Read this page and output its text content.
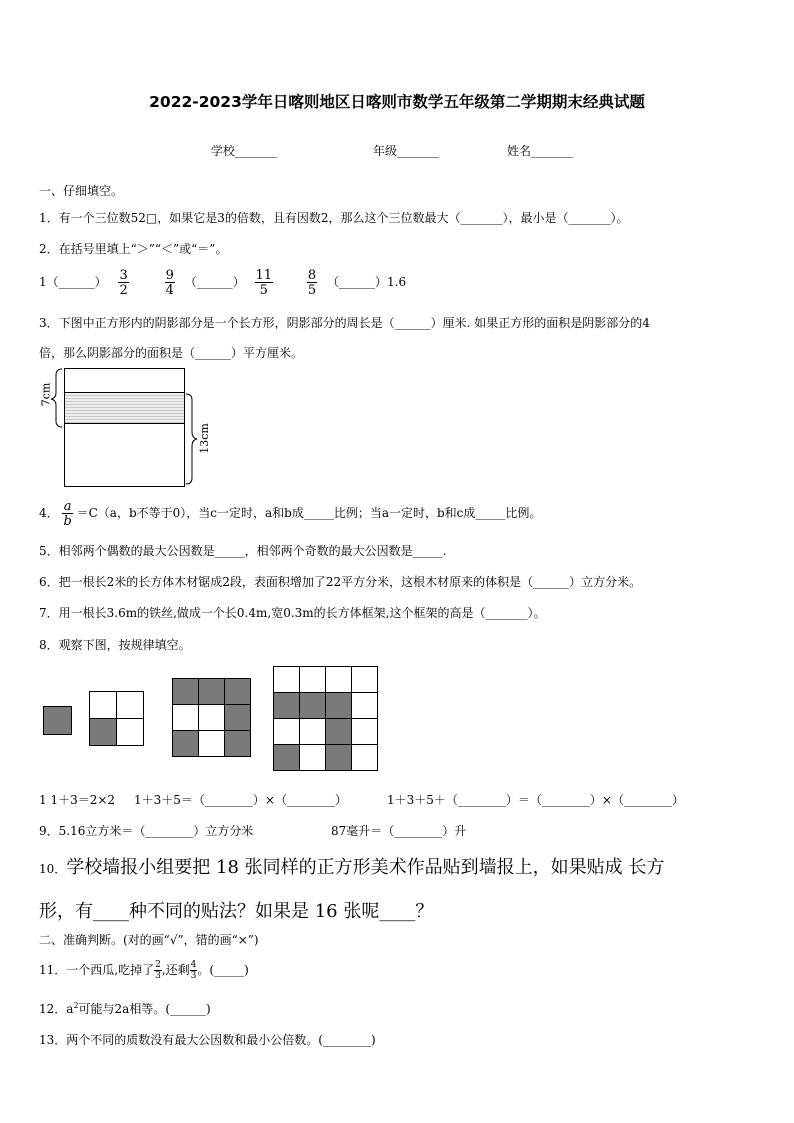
2022-2023学年日喀则地区日喀则市数学五年级第二学期期末经典试题
学校_______	年级_______	姓名_______
一、仔细填空。
1．有一个三位数52□，如果它是3的倍数，且有因数2，那么这个三位数最大（_______），最小是（_______）。
2．在括号里填上“＞”“＜”或“＝”。
1（______） $\frac{3}{2}$
	$\frac{9}{4}$ （______） $\frac{11}{5}$
	$\frac{8}{5}$ （______）1.6
3．下图中正方形内的阴影部分是一个长方形，阴影部分的周长是（______）厘米. 如果正方形的面积是阴影部分的4
倍，那么阴影部分的面积是（______）平方厘米。
7cm
13cm
4． $\frac{a}{b} =C(a$，b不等于0），当c一定时，a和b成_____比例；当a一定时，b和c成_____比例。
5．相邻两个偶数的最大公因数是_____，相邻两个奇数的最大公因数是_____.
6．把一根长2米的长方体木材锯成2段，表面积增加了22平方分米，这根木材原来的体积是（______）立方分米。
7．用一根长3.6m的铁丝,做成一个长0.4m,宽0.3m的长方体框架,这个框架的高是（_______）。
8．观察下图，按规律填空。
1 1＋3＝2×2 1＋3＋5＝（________）×（________）	1＋3＋5＋（________）＝（________）×（________）
9．5.16立方米＝（________）立方分米	87毫升＝（________）升
10．学校墙报小组要把 18 张同样的正方形美术作品贴到墙报上，如果贴成 长方
形，有____种不同的贴法？如果是 16 张呢____？
二、准确判断。(对的画“√”，错的画“×”)
11．一个西瓜,吃掉了 $\frac{2}{3}$ ,还剩 $\frac{4}{3}$ 。(_____)
12．$a^2$可能与2a相等。(______)
13．两个不同的质数没有最大公因数和最小公倍数。(________)
